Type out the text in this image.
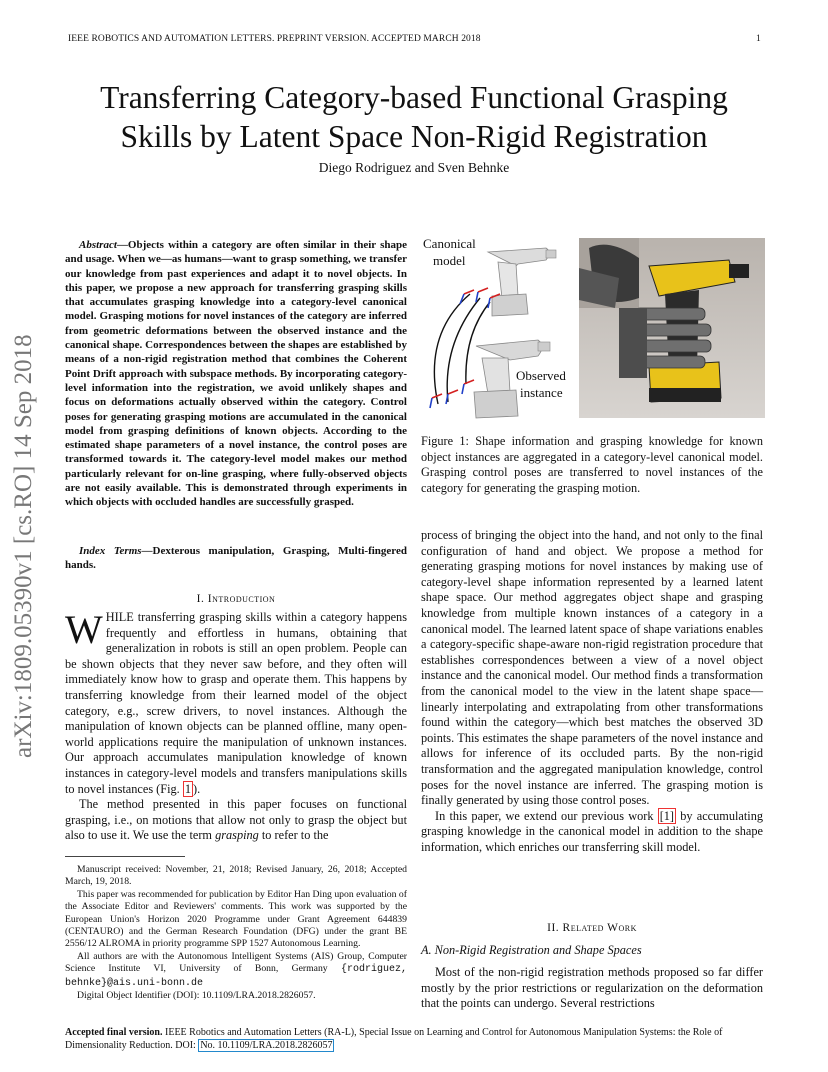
IEEE ROBOTICS AND AUTOMATION LETTERS. PREPRINT VERSION. ACCEPTED MARCH 2018	1
Transferring Category-based Functional Grasping
Skills by Latent Space Non-Rigid Registration
Diego Rodriguez and Sven Behnke
arXiv:1809.05390v1 [cs.RO] 14 Sep 2018
Abstract—Objects within a category are often similar in their shape and usage. When we—as humans—want to grasp something, we transfer our knowledge from past experiences and adapt it to novel objects. In this paper, we propose a new approach for transferring grasping skills that accumulates grasping knowledge into a category-level canonical model. Grasping motions for novel instances of the category are inferred from geometric deformations between the observed instance and the canonical shape. Correspondences between the shapes are established by means of a non-rigid registration method that combines the Coherent Point Drift approach with subspace methods. By incorporating category-level information into the registration, we avoid unlikely shapes and focus on deformations actually observed within the category. Control poses for generating grasping motions are accumulated in the canonical model from grasping definitions of known objects. According to the estimated shape parameters of a novel instance, the control poses are transformed towards it. The category-level model makes our method particularly relevant for on-line grasping, where fully-observed objects are not easily available. This is demonstrated through experiments in which objects with occluded handles are successfully grasped.
Index Terms—Dexterous manipulation, Grasping, Multi-fingered hands.
I. Introduction

WHILE transferring grasping skills within a category happens frequently and effortless in humans, obtaining that generalization in robots is still an open problem. People can be shown objects that they never saw before, and they often will immediately know how to grasp and operate them. This happens by transferring knowledge from their learned model of the object category, e.g., screw drivers, to novel instances. Although the manipulation of known objects can be planned offline, many open-world applications require the manipulation of unknown instances. Our approach accumulates manipulation knowledge of known instances in category-level models and transfers manipulations skills to novel instances (Fig. 1 ).

The method presented in this paper focuses on functional grasping, i.e., on motions that allow not only to grasp the object but also to use it. We use the term grasping to refer to the

Manuscript received: November, 21, 2018; Revised January, 26, 2018; Accepted March, 19, 2018.

This paper was recommended for publication by Editor Han Ding upon evaluation of the Associate Editor and Reviewers' comments. This work was supported by the European Union's Horizon 2020 Programme under Grant Agreement 644839 (CENTAURO) and the German Research Foundation (DFG) under the grant BE 2556/12 ALROMA in priority programme SPP 1527 Autonomous Learning.

All authors are with the Autonomous Intelligent Systems (AIS) Group, Computer Science Institute VI, University of Bonn, Germany {rodriguez, behnke}@ais.uni-bonn.de

Digital Object Identifier (DOI): 10.1109/LRA.2018.2826057.

Canonical
model
Observed
instance
Figure 1: Shape information and grasping knowledge for known object instances are aggregated in a category-level canonical model. Grasping control poses are transferred to novel instances of the category for generating the grasping motion.

process of bringing the object into the hand, and not only to the final configuration of hand and object. We propose a method for generating grasping motions for novel instances by making use of category-level shape information represented by a learned latent shape space. Our method aggregates object shape and grasping knowledge from multiple known instances of a category in a canonical model. The learned latent space of shape variations enables a category-specific shape-aware non-rigid registration procedure that establishes correspondences between a view of a novel object instance and the canonical model. Our method finds a transformation from the canonical model to the view in the latent shape space—linearly interpolating and extrapolating from other transformations found within the category—which best matches the observed 3D points. This estimates the shape parameters of the novel instance and allows for inference of its occluded parts. By the non-rigid transformation and the aggregated manipulation knowledge, control poses for the novel instance are inferred. The grasping motion is finally generated by using those control poses.

In this paper, we extend our previous work [1] by accumulating grasping knowledge in the canonical model in addition to the shape information, which enriches our transferring skill model.

II. Related Work
A. Non-Rigid Registration and Shape Spaces
Most of the non-rigid registration methods proposed so far differ mostly by the prior restrictions or regularization on the deformation that the points can undergo. Several restrictions
Accepted final version. IEEE Robotics and Automation Letters (RA-L), Special Issue on Learning and Control for Autonomous Manipulation Systems: the Role of Dimensionality Reduction. DOI: No. 10.1109/LRA.2018.2826057
